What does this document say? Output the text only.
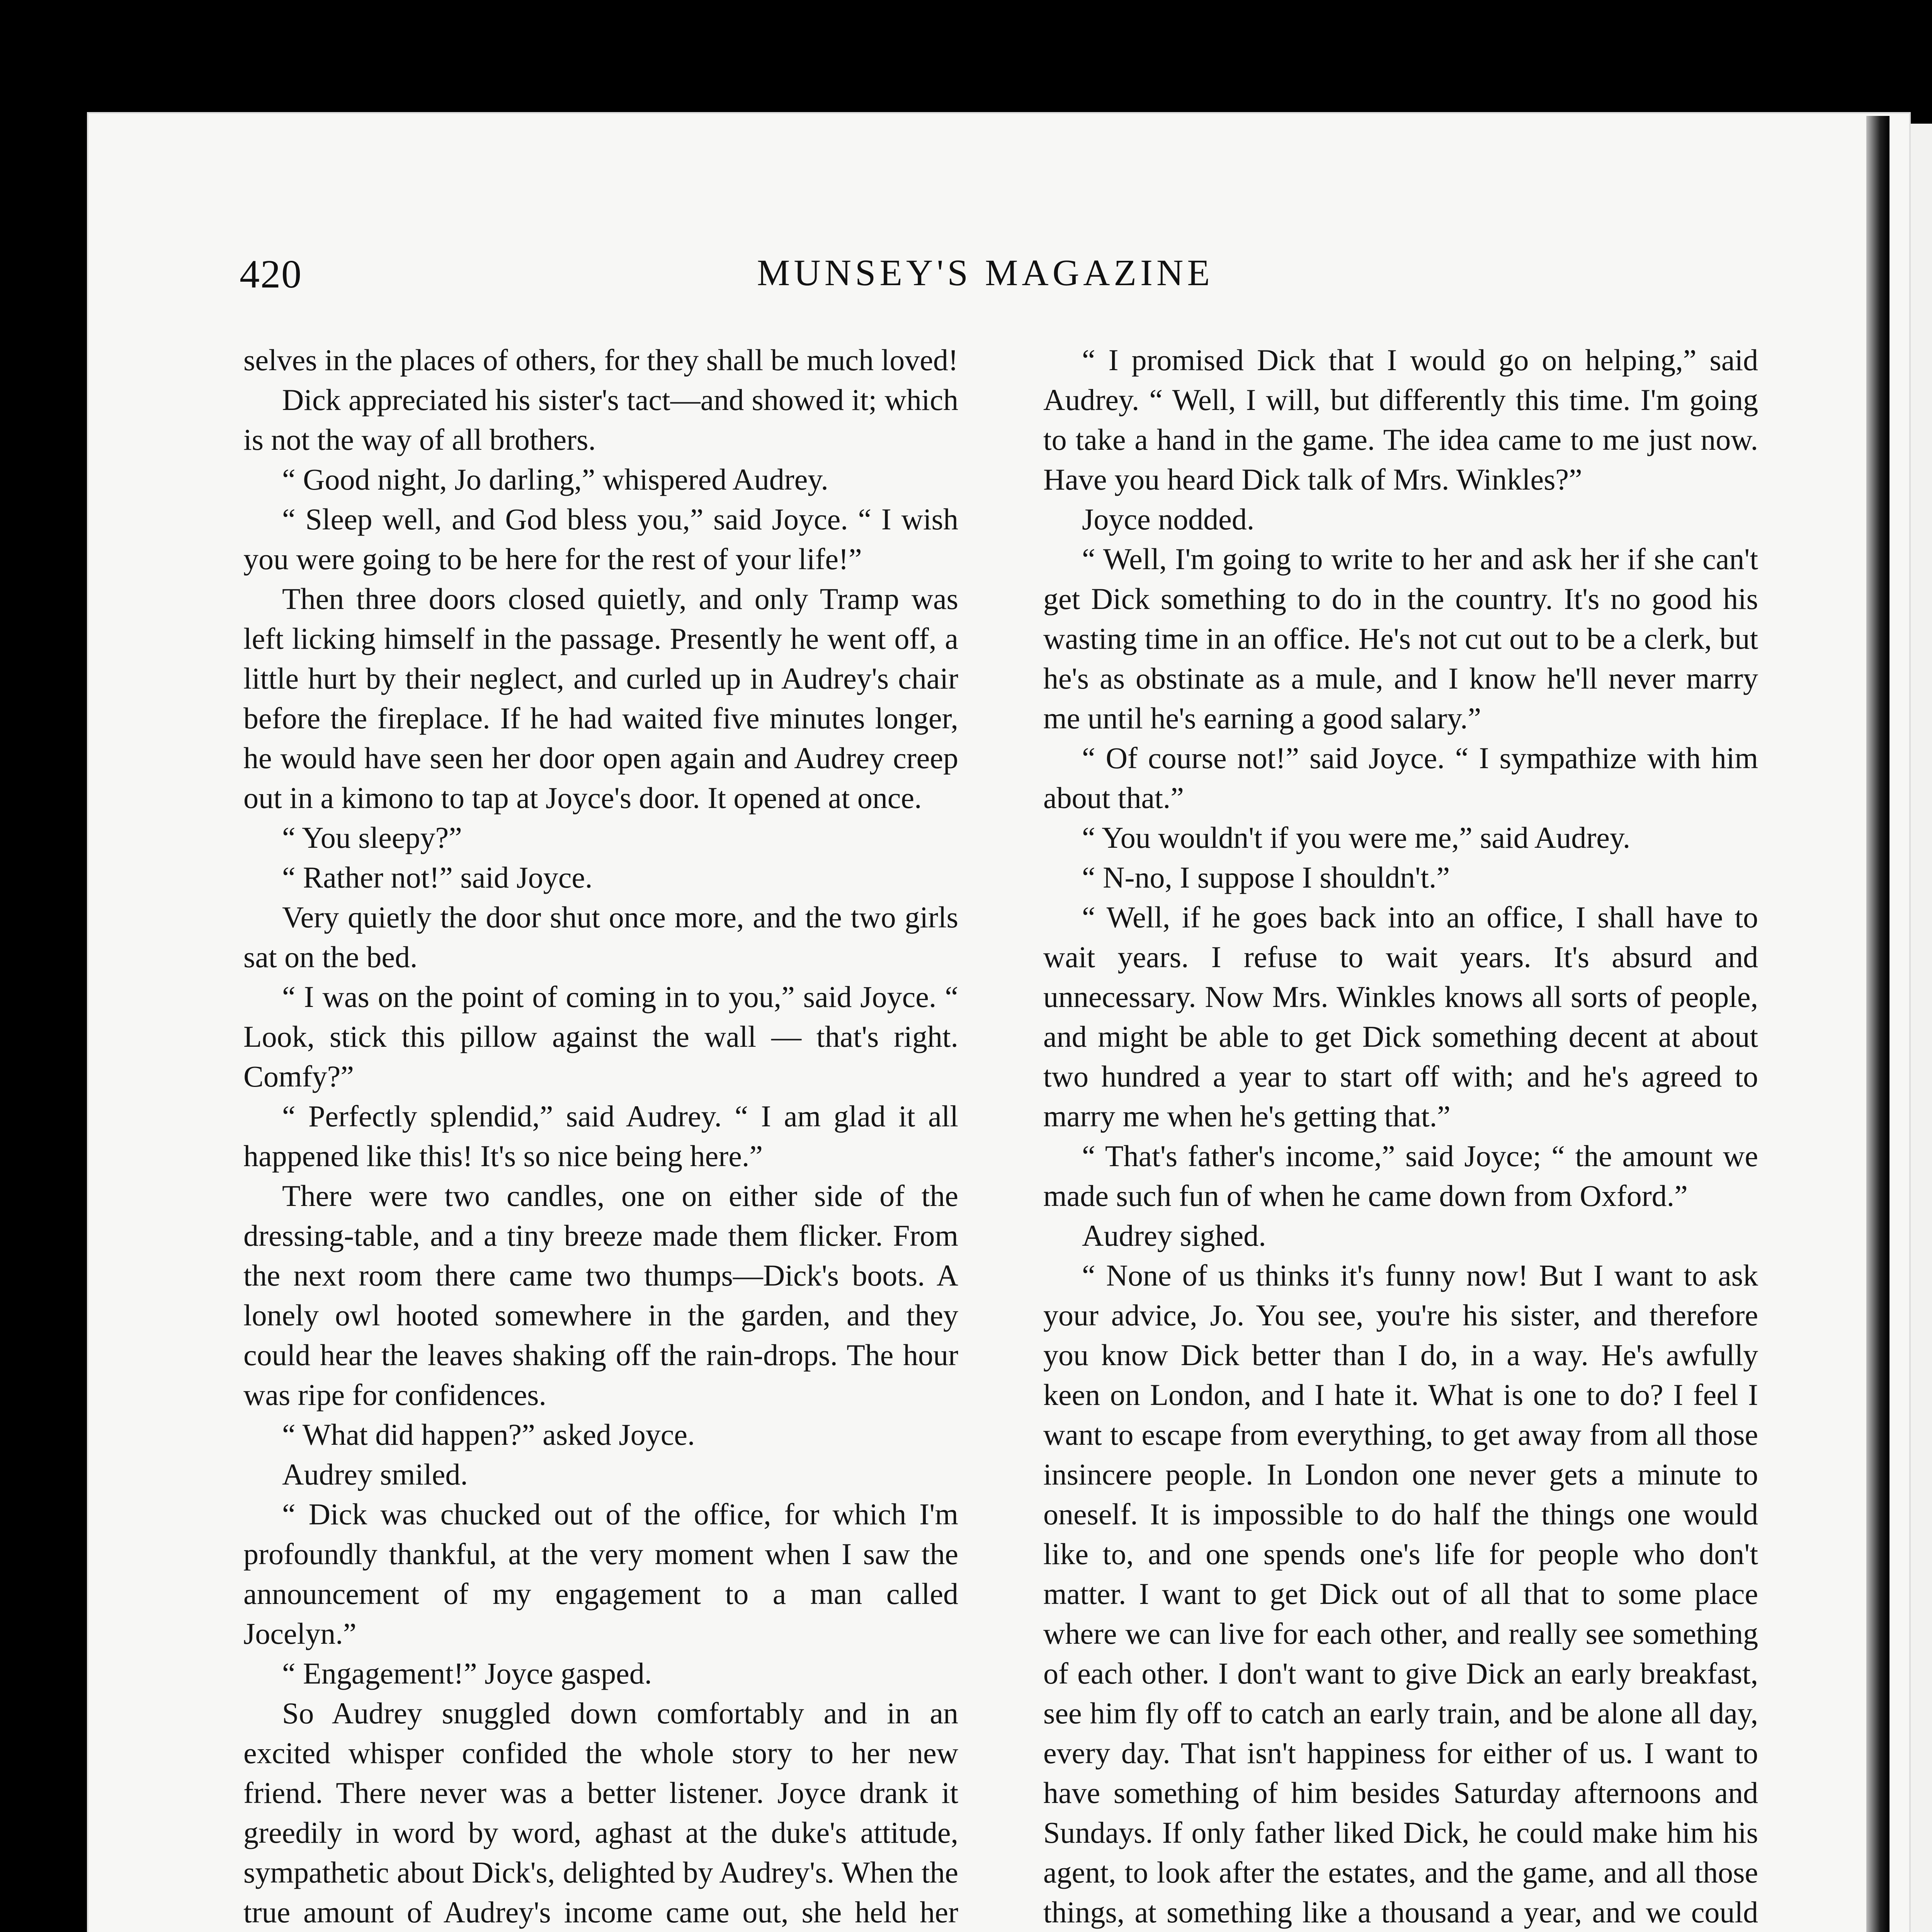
420	MUNSEY'S MAGAZINE

selves in the places of others, for they shall be much loved!

Dick appreciated his sister's tact—and showed it; which is not the way of all brothers.

“ Good night, Jo darling,” whispered Audrey.

“ Sleep well, and God bless you,” said Joyce. “ I wish you were going to be here for the rest of your life!”

Then three doors closed quietly, and only Tramp was left licking himself in the passage. Presently he went off, a little hurt by their neglect, and curled up in Audrey's chair before the fireplace. If he had waited five minutes longer, he would have seen her door open again and Audrey creep out in a kimono to tap at Joyce's door. It opened at once.

“ You sleepy?”

“ Rather not!” said Joyce.

Very quietly the door shut once more, and the two girls sat on the bed.

“ I was on the point of coming in to you,” said Joyce. “ Look, stick this pillow against the wall — that's right. Comfy?”

“ Perfectly splendid,” said Audrey. “ I am glad it all happened like this! It's so nice being here.”

There were two candles, one on either side of the dressing-table, and a tiny breeze made them flicker. From the next room there came two thumps—Dick's boots. A lonely owl hooted somewhere in the garden, and they could hear the leaves shaking off the rain-drops. The hour was ripe for confidences.

“ What did happen?” asked Joyce.

Audrey smiled.

“ Dick was chucked out of the office, for which I'm profoundly thankful, at the very moment when I saw the announcement of my engagement to a man called Jocelyn.”

“ Engagement!” Joyce gasped.

So Audrey snuggled down comfortably and in an excited whisper confided the whole story to her new friend. There never was a better listener. Joyce drank it greedily in word by word, aghast at the duke's attitude, sympathetic about Dick's, delighted by Audrey's. When the true amount of Audrey's income came out, she held her

“ I promised Dick that I would go on helping,” said Audrey. “ Well, I will, but differently this time. I'm going to take a hand in the game. The idea came to me just now. Have you heard Dick talk of Mrs. Winkles?”

Joyce nodded.

“ Well, I'm going to write to her and ask her if she can't get Dick something to do in the country. It's no good his wasting time in an office. He's not cut out to be a clerk, but he's as obstinate as a mule, and I know he'll never marry me until he's earning a good salary.”

“ Of course not!” said Joyce. “ I sympathize with him about that.”

“ You wouldn't if you were me,” said Audrey.

“ N-no, I suppose I shouldn't.”

“ Well, if he goes back into an office, I shall have to wait years. I refuse to wait years. It's absurd and unnecessary. Now Mrs. Winkles knows all sorts of people, and might be able to get Dick something decent at about two hundred a year to start off with; and he's agreed to marry me when he's getting that.”

“ That's father's income,” said Joyce; “ the amount we made such fun of when he came down from Oxford.”

Audrey sighed.

“ None of us thinks it's funny now! But I want to ask your advice, Jo. You see, you're his sister, and therefore you know Dick better than I do, in a way. He's awfully keen on London, and I hate it. What is one to do? I feel I want to escape from everything, to get away from all those insincere people. In London one never gets a minute to oneself. It is impossible to do half the things one would like to, and one spends one's life for people who don't matter. I want to get Dick out of all that to some place where we can live for each other, and really see something of each other. I don't want to give Dick an early breakfast, see him fly off to catch an early train, and be alone all day, every day. That isn't happiness for either of us. I want to have something of him besides Saturday afternoons and Sundays. If only father liked Dick, he could make him his agent, to look after the estates, and the game, and all those things, at something like a thousand a year, and we could
